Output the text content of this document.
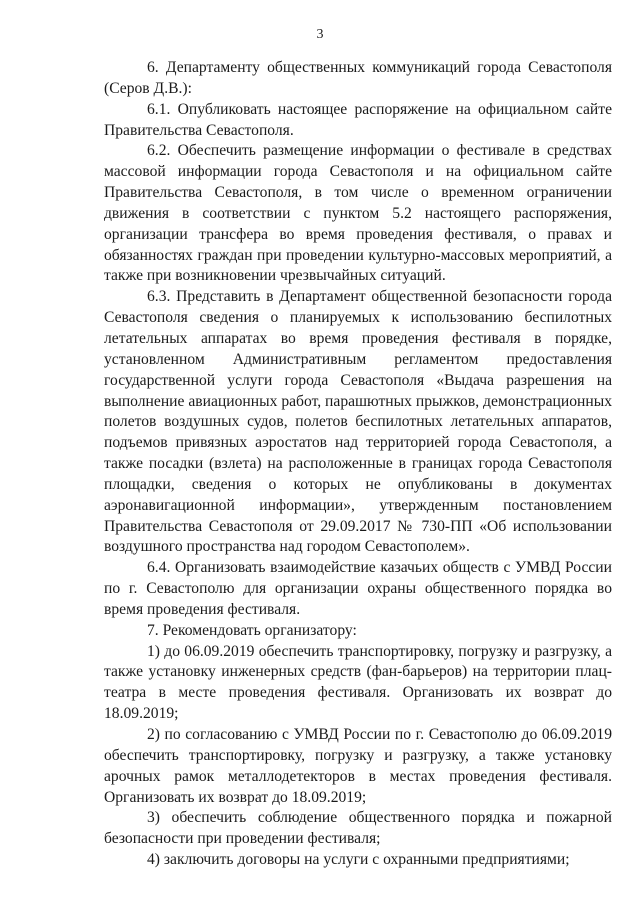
3

6. Департаменту общественных коммуникаций города Севастополя (Серов Д.В.):

6.1. Опубликовать настоящее распоряжение на официальном сайте Правительства Севастополя.

6.2. Обеспечить размещение информации о фестивале в средствах массовой информации города Севастополя и на официальном сайте Правительства Севастополя, в том числе о временном ограничении движения в соответствии с пунктом 5.2 настоящего распоряжения, организации трансфера во время проведения фестиваля, о правах и обязанностях граждан при проведении культурно-массовых мероприятий, а также при возникновении чрезвычайных ситуаций.

6.3. Представить в Департамент общественной безопасности города Севастополя сведения о планируемых к использованию беспилотных летательных аппаратах во время проведения фестиваля в порядке, установленном Административным регламентом предоставления государственной услуги города Севастополя «Выдача разрешения на выполнение авиационных работ, парашютных прыжков, демонстрационных полетов воздушных судов, полетов беспилотных летательных аппаратов, подъемов привязных аэростатов над территорией города Севастополя, а также посадки (взлета) на расположенные в границах города Севастополя площадки, сведения о которых не опубликованы в документах аэронавигационной информации», утвержденным постановлением Правительства Севастополя от 29.09.2017 № 730-ПП «Об использовании воздушного пространства над городом Севастополем».

6.4. Организовать взаимодействие казачьих обществ с УМВД России по г. Севастополю для организации охраны общественного порядка во время проведения фестиваля.

7. Рекомендовать организатору:

1) до 06.09.2019 обеспечить транспортировку, погрузку и разгрузку, а также установку инженерных средств (фан-барьеров) на территории плац-театра в месте проведения фестиваля. Организовать их возврат до 18.09.2019;

2) по согласованию с УМВД России по г. Севастополю до 06.09.2019 обеспечить транспортировку, погрузку и разгрузку, а также установку арочных рамок металлодетекторов в местах проведения фестиваля. Организовать их возврат до 18.09.2019;

3) обеспечить соблюдение общественного порядка и пожарной безопасности при проведении фестиваля;

4) заключить договоры на услуги с охранными предприятиями;
